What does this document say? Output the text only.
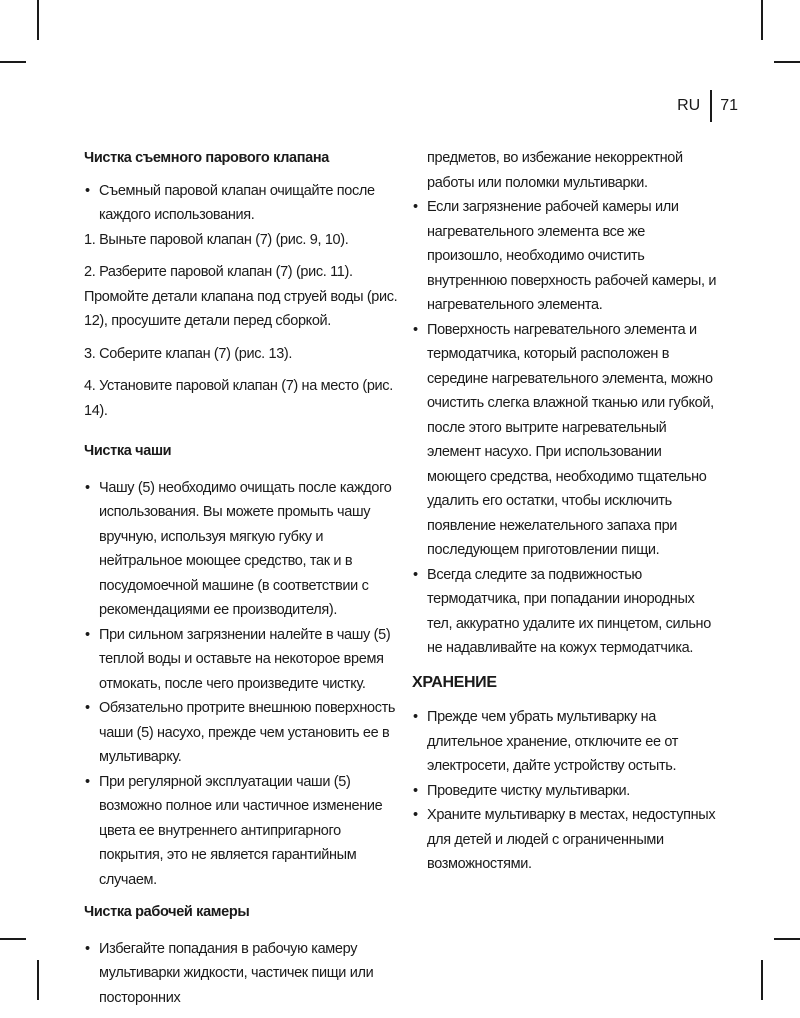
RU 71
Чистка съемного парового клапана
• Съемный паровой клапан очищайте после каждого использования.

1. Выньте паровой клапан (7) (рис. 9, 10).

2. Разберите паровой клапан (7) (рис. 11). Промойте детали клапана под струей воды (рис. 12), просушите детали перед сборкой.

3. Соберите клапан (7) (рис. 13).

4. Установите паровой клапан (7) на место (рис. 14).

Чистка чаши
• Чашу (5) необходимо очищать после каждого использования. Вы можете промыть чашу вручную, используя мягкую губку и нейтральное моющее средство, так и в посудомоечной машине (в соответствии с рекомендациями ее производителя).
• При сильном загрязнении налейте в чашу (5) теплой воды и оставьте на некоторое время отмокать, после чего произведите чистку.
• Обязательно протрите внешнюю поверхность чаши (5) насухо, прежде чем установить ее в мультиварку.
• При регулярной эксплуатации чаши (5) возможно полное или частичное изменение цвета ее внутреннего антипригарного покрытия, это не является гарантийным случаем.
Чистка рабочей камеры
• Избегайте попадания в рабочую камеру мультиварки жидкости, частичек пищи или посторонних
предметов, во избежание некорректной работы или поломки мультиварки.
• Если загрязнение рабочей камеры или нагревательного элемента все же произошло, необходимо очистить внутреннюю поверхность рабочей камеры, и нагревательного элемента.
• Поверхность нагревательного элемента и термодатчика, который расположен в середине нагревательного элемента, можно очистить слегка влажной тканью или губкой, после этого вытрите нагревательный элемент насухо. При использовании моющего средства, необходимо тщательно удалить его остатки, чтобы исключить появление нежелательного запаха при последующем приготовлении пищи.
• Всегда следите за подвижностью термодатчика, при попадании инородных тел, аккуратно удалите их пинцетом, сильно не надавливайте на кожух термодатчика.
ХРАНЕНИЕ
• Прежде чем убрать мультиварку на длительное хранение, отключите ее от электросети, дайте устройству остыть.
• Проведите чистку мультиварки.
• Храните мультиварку в местах, недоступных для детей и людей с ограниченными возможностями.
